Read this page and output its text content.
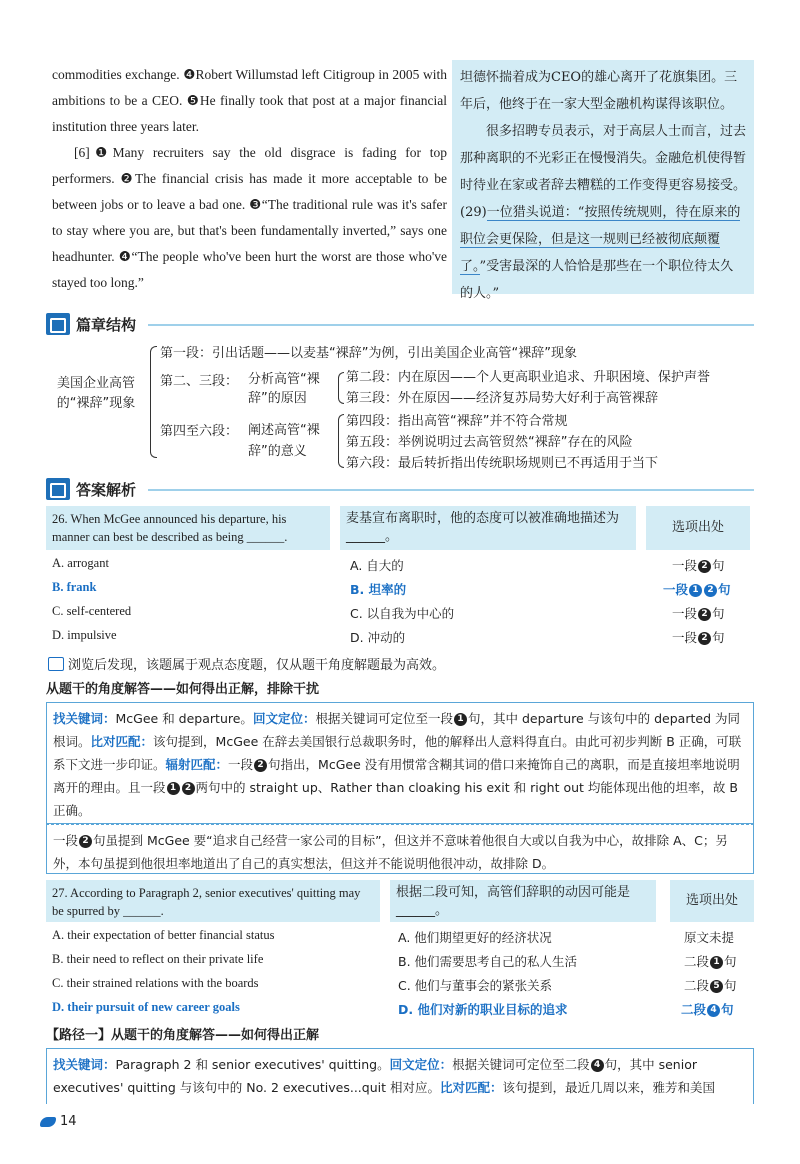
commodities exchange. ❹Robert Willumstad left Citigroup in 2005 with ambitions to be a CEO. ❺He finally took that post at a major financial institution three years later.

[6]❶Many recruiters say the old disgrace is fading for top performers. ❷The financial crisis has made it more acceptable to be between jobs or to leave a bad one. ❸“The traditional rule was it's safer to stay where you are, but that's been fundamentally inverted,” says one headhunter. ❹“The people who've been hurt the worst are those who've stayed too long.”

坦德怀揣着成为CEO的雄心离开了花旗集团。三年后，他终于在一家大型金融机构谋得该职位。

很多招聘专员表示，对于高层人士而言，过去那种离职的不光彩正在慢慢消失。金融危机使得暂时待业在家或者辞去糟糕的工作变得更容易接受。(29)一位猎头说道：“按照传统规则，待在原来的职位会更保险，但是这一规则已经被彻底颠覆了。”受害最深的人恰恰是那些在一个职位待太久的人。”

篇章结构
美国企业高管的“裸辞”现象
第一段：引出话题——以麦基“裸辞”为例，引出美国企业高管“裸辞”现象
第二、三段： 分析高管“裸辞”的原因
第二段：内在原因——个人更高职业追求、升职困境、保护声誉
第三段：外在原因——经济复苏局势大好利于高管裸辞
第四至六段： 阐述高管“裸辞”的意义
第四段：指出高管“裸辞”并不符合常规
第五段：举例说明过去高管贸然“裸辞”存在的风险
第六段：最后转折指出传统职场规则已不再适用于当下
答案解析
26. When McGee announced his departure, his manner can best be described as being ______.
麦基宣布离职时，他的态度可以被准确地描述为______。
选项出处
A. arrogant	A. 自大的	一段 2 句
B. frank	B. 坦率的	一段 1 2 句
C. self-centered	C. 以自我为中心的	一段 2 句
D. impulsive	D. 冲动的	一段 2 句
浏览后发现，该题属于观点态度题，仅从题干角度解题最为高效。
从题干的角度解答——如何得出正解，排除干扰
找关键词：McGee 和 departure。回文定位：根据关键词可定位至一段 1 句，其中 departure 与该句中的 departed 为同根词。比对匹配：该句提到，McGee 在辞去美国银行总裁职务时，他的解释出人意料得直白。由此可初步判断 B 正确，可联系下文进一步印证。辐射匹配：一段 2 句指出，McGee 没有用惯常含糊其词的借口来掩饰自己的离职，而是直接坦率地说明离开的理由。且一段 1 2 两句中的 straight up、Rather than cloaking his exit 和 right out 均能体现出他的坦率，故 B 正确。
一段 2 句虽提到 McGee 要“追求自己经营一家公司的目标”，但这并不意味着他很自大或以自我为中心，故排除 A、C；另外，本句虽提到他很坦率地道出了自己的真实想法，但这并不能说明他很冲动，故排除 D。
27. According to Paragraph 2, senior executives' quitting may be spurred by ______.
根据二段可知，高管们辞职的动因可能是______。
选项出处
A. their expectation of better financial status	A. 他们期望更好的经济状况	原文未提
B. their need to reflect on their private life	B. 他们需要思考自己的私人生活	二段 1 句
C. their strained relations with the boards	C. 他们与董事会的紧张关系	二段 5 句
D. their pursuit of new career goals	D. 他们对新的职业目标的追求	二段 4 句
【路径一】从题干的角度解答——如何得出正解
找关键词：Paragraph 2 和 senior executives' quitting。回文定位：根据关键词可定位至二段 4 句，其中 senior executives' quitting 与该句中的 No. 2 executives...quit 相对应。比对匹配：该句提到，最近几周以来，雅芳和美国
14
